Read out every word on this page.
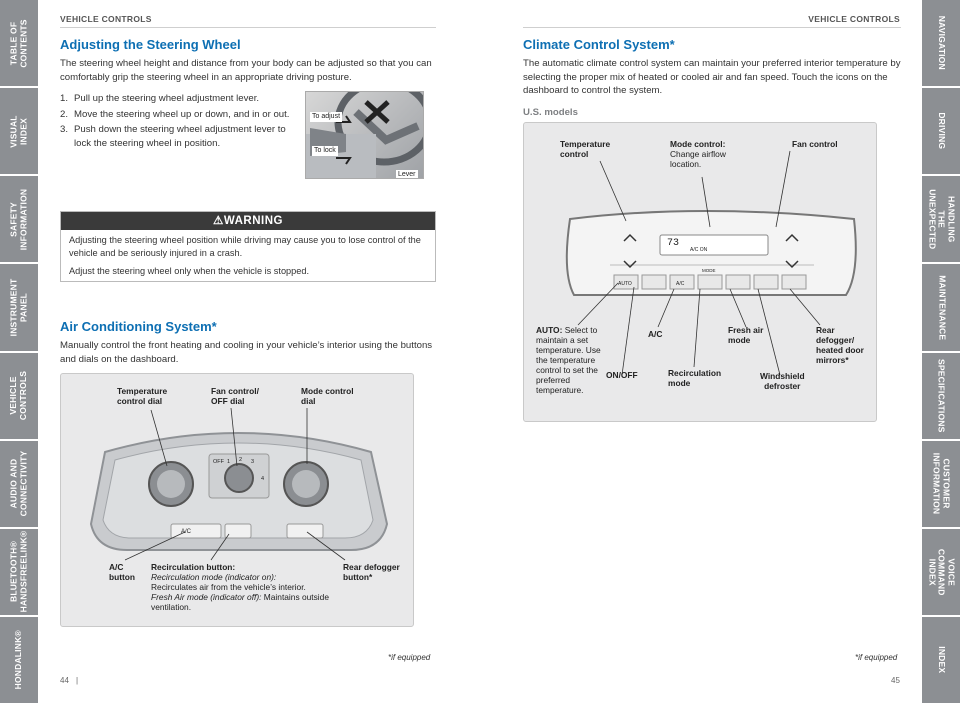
TABLE OF CONTENTS
VISUAL INDEX
SAFETY
INFORMATION
INSTRUMENT PANEL
VEHICLE
CONTROLS
AUDIO AND
CONNECTIVITY
BLUETOOTH®
HANDSFREELINK®
HONDALINK®
NAVIGATION
DRIVING
HANDLING THE
UNEXPECTED
MAINTENANCE
SPECIFICATIONS
CUSTOMER
INFORMATION
VOICE COMMAND
INDEX
INDEX
VEHICLE CONTROLS
Adjusting the Steering Wheel
The steering wheel height and distance from your body can be adjusted so that you can comfortably grip the steering wheel in an appropriate driving posture.
1. Pull up the steering wheel adjustment lever.
2. Move the steering wheel up or down, and in or out.
3. Push down the steering wheel adjustment lever to lock the steering wheel in position.
To adjust
To lock
Lever
⚠WARNING

Adjusting the steering wheel position while driving may cause you to lose control of the vehicle and be seriously injured in a crash.

Adjust the steering wheel only when the vehicle is stopped.

Air Conditioning System*
Manually control the front heating and cooling in your vehicle’s interior using the buttons and dials on the dashboard.
A/C
OFF 1 2 3
4
Temperature
control dial
Fan control/
OFF dial
Mode control
dial
A/C
button
Recirculation button:
Recirculation mode (indicator on):
Recirculates air from the vehicle’s interior.
Fresh Air mode (indicator off): Maintains outside ventilation.
Rear defogger
button*
*if equipped
44 |
VEHICLE CONTROLS
Climate Control System*
The automatic climate control system can maintain your preferred interior temperature by selecting the proper mix of heated or cooled air and fan speed. Touch the icons on the dashboard to control the system.
U.S. models
73
A/C ON
AUTO	A/C
MODE
Temperature
control
Mode control:
Change airflow
location.
Fan control
AUTO: Select to maintain a set temperature. Use the temperature control to set the preferred temperature.
A/C	Fresh air
mode
Rear
defogger/
heated door
mirrors*
ON/OFF	Recirculation
mode
Windshield
defroster
*if equipped
45
